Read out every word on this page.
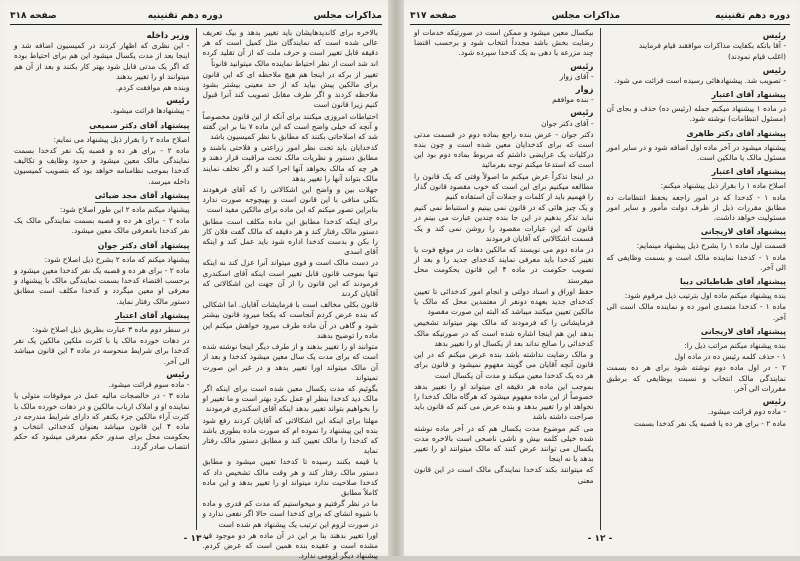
مذاکرات مجلس
دوره دهم تقنینیه
صفحه ۳۱۸

بالاخره برای کاندیدهایشان باید تغییر بدهد و بیک تعریف عالی شده است که نمایندگان مثل کمیل است که هر دقیقه قابل تغییر است و حرف ملت که از آن تقلید کرده اند شد است از نظر احتیاط نماینده مالک میتوانید قانوناً

تغییر از برکه در اینجا هم هیچ ملاحظه ای که این قانون برای مالکین پیش بیاید که از حد معینی بیشتر بشود ملاحظه کردند و اگر طرف مقابل تصویب کند آنرا قبول کنیم زیرا قانون است

احتیاطات امروزی میکنند برای آنکه از این قانون مخصوصاً و آنچه که خیلی واضح است که این ماده ۷ بنا بر این گفته شد که اصلاحاتی بکنند که مطابق با نظر کمیسیون باشد

کدخدایان باید تحت نظر امور زراعتی و فلاحتی باشند و مطابق دستور و نظریات مالک تحت مراقبت قرار دهند و هر چه که مالک بخواهد آنها اجرا کنند و اگر تخلف نمایند مالک بتواند آنها را تغییر بدهد

جهلات بین و واضح این اشکالاتی را که آقای فرهودند بکلی منافی با این قانون است و بهیچوجه صورت ندارد بنابراین تصور میکنم که این ماده برای مالکین مفید است

برای اینکه کدخدا مطابق این ماده مکلف است مطابق دستور مالک رفتار کند و هر دقیقه که مالک گفت فلان کار را بکن و بدست کدخدا اداره شود باید عمل کند و اینکه آقای اسدی

در دست مالک است و قوی میتواند آنرا عزل کند نه اینکه تنها بموجب قانون قابل تغییر است اینکه آقای اسکندری فرمودند که این قانون را از آن جهت این اشکالاتی که آقایان کردند

قانون بکلی مخالف است با فرمایشات آقایان. اما اشکالی که بنده عرض کردم آنجاست که یکجا میرود قانون بیشتر شود و گاهی در آن ماده طرف میرود خواهش میکنم این ماده را توضیح بدهند

متوانند او را تغییر بدهند و از طرف دیگر اینجا نوشته شده است که برای مدت یک سال معین میشود کدخدا و بعد از آن مالک میتواند اورا تغییر بدهد و در غیر این صورت نمیتواند

بگوئیم که مدت یکسال معین شده است برای اینکه اگر مالک دید کدخدا بنظر او عمل نکرد بهتر است و ما تغییر او را بخواهیم بتواند تغییر بدهد اینکه آقای اسکندری فرمودند

مهلتا برای اینکه این اشکالاتی که آقایان کردند رفع شود بنده این پیشنهاد را نموده ام که صورت ماده بطوری باشد که کدخدا را مالک تعیین کند و مطابق دستور مالک رفتار نماید

با قیمه بکنند رسیده تا کدخدا تعیین میشود و مطابق دستور مالک رفتار کند و هر وقت مالک تشخیص داد که کدخدا صلاحیت ندارد میتواند او را تغییر بدهد و این ماده کاملاً مطابق

ما در نظر گرفتیم و میخواستیم که مدت کم قدری و ماده با شیوه انشای که برای کدخدا است حالا اگر نفعی ندارد و در صورت لزوم این ترتیب یک پیشنهاد هم شده است

اورا تغییر بدهند بنا بر این در آن ماده هر دو موجود قید مشده است و عقیده بنده همین است که عرض کردم. پیشنهاد دیگر لزومی ندارد.

وزیر داخله

- این نظری که اظهار کردند در کمیسیون اضافه شد و اینجا بعد از مدت یکسال میشود این هم برای احتیاط بوده که اگر یک مدتی قابل شود بهتر کار بکنند و بعد از آن هم میتوانند او را تغییر بدهند

وبنده هم موافقت کردم.

رئیس

- پیشنهادها قرائت میشود.

پیشنهاد آقای دکتر سمیعی

اصلاح ماده ۲ را بقرار ذیل پیشنهاد می نمایم:

ماده ۲ - برای هر ده و قصبه یک نفر کدخدا بسمت نمایندگی مالک معین میشود و حدود وظایف و تکالیف کدخدا بموجب نظامنامه خواهد بود که بتصویب کمیسیون داخله میرسد.

پیشنهاد آقای مجد ضیائی

پیشنهاد میکنم ماده ۲ این طور اصلاح شود:

ماده ۲ - برای هر ده و قصبه بسمت نمایندگی مالک یک نفر کدخدا بامعرفی مالک معین میشود.

پیشنهاد آقای دکتر جوان

پیشنهاد میکنم که ماده ۲ بشرح ذیل اصلاح شود:

ماده ۲ - برای هر ده و قصبه یک نفر کدخدا معین میشود و برحسب اقتضاء کدخدا بسمت نمایندگی مالک با پیشنهاد و معرفی او معین میگردد و کدخدا مکلف است مطابق دستور مالک رفتار نماید.

پیشنهاد آقای اعتبار

در سطر دوم ماده ۳ عبارت بطریق ذیل اصلاح شود:

در دهات خورده مالک یا با کثرت ملکین مالکین یک نفر کدخدا برای شرایط منحوسه در ماده ۴ این قانون میباشد الی آخر.

رئیس

- ماده سوم قرائت میشود.

ماده ۳ - در خالصجات مالیه عمل در موقوفات متولی یا نماینده او و املاک ارباب مالکین و در دهات خورده مالک با کثرت آراء مالکین جزء یکنفر که دارای شرایط مندرجه در ماده ۴ این قانون میباشد بعنوان کدخدائی انتخاب و بحکومت محل برای صدور حکم معرفی میشود که حکم انتصاب صادر گردد.

- ۱۳ -
دوره دهم تقنینیه
مذاکرات مجلس
صفحه ۳۱۷

رئیس

- آقا بانکه بکفایت مذاکرات موافقند قیام فرمایند

(اغلب قیام نمودند)

رئیس

- تصویب شد. پیشنهادهائی رسیده است قرائت می شود.

پیشنهاد آقای اعتبار

در ماده ۱ پیشنهاد میکنم جمله (رئیس ده) حذف و بجای آن (مسئول انتظامات) نوشته شود.

پیشنهاد آقای دکتر طاهری

پیشنهاد میشود در آخر ماده اول اضافه شود و در سایر امور مسئول مالک یا مالکین است.

پیشنهاد آقای اعتبار

اصلاح ماده ۱ را بقرار ذیل پیشنهاد میکنم:

ماده ۱ - کدخدا که در امور راجعه بحفظ انتظامات ده مطابق مقررات ذیل از ظرف دولت مأمور و سایر امور مسئولیت خواهد داشت.

پیشنهاد آقای لاریجانی

قسمت اول ماده ۱ را بشرح ذیل پیشنهاد مینمایم:

ماده ۱ - کدخدا نماینده مالک است و بسمت وظایفی که الی آخر.

پیشنهاد آقای طباطبائی دیبا

بنده پیشنهاد میکنم ماده اول بترتیب ذیل مرقوم شود:

ماده ۱ - کدخدا متصدی امور ده و نماینده مالک است الی آخر.

پیشنهاد آقای لاریجانی

بنده پیشنهاد میکنم مراتب ذیل را:

۱ - حذف کلمه رئیس ده در ماده اول

۲ - در اول ماده دوم نوشته شود برای هر ده بسمت نمایندگی مالک انتخاب و نسبت بوظایفی که برطبق مقررات الی آخر.

رئیس

- ماده دوم قرائت میشود.

ماده ۲ - برای هر ده یا قصبه یک نفر کدخدا بسمت

بیکسال معین میشود و ممکن است در صورتیکه خدمات او رضایت بخش باشد مجدداً انتخاب شود و برحسب اقتضا چند مزرعه یا دهی به یک کدخدا سپرده شود.

رئیس

- آقای زوار

زوار

- بنده موافقم

رئیس

- آقای دکتر جوان

دکتر جوان - عرض بنده راجع بماده دوم در قسمت مدتی است که برای کدخدایان معین شده است و چون بنده درکلیات یک عرایضی داشتم که مربوط بماده دوم بود این است که استدعا میکنم توجه بفرمائید

در اینجا تذکراً عرض میکنم ما اصولاً وقتی که یک قانون را مطالعه میکنیم برای این است که خوب مقصود قانون گذار را فهمیم باید از کلمات و جملات آن استفاده کنیم

و یک چیز هائی که در قانون نمی بینیم و استنباط نمی کنیم نباید تذکر بدهیم در این جا بنده چندین عبارت می بینم در قانون که این عبارات مقصود را روشن نمی کند و یک قسمت اشکالاتی که آقایان فرمودند

در ماده دوم می نویسند که مالکین دهات در موقع فوت یا تغییر کدخدا باید معرفی نمایند کدخدای جدید را و بعد از تصویب حکومت در ماده ۴ این قانون بحکومت محل میفرستد

حفظ اوراق و اسناد دولتی و انجام امور کدخدائی تا تعیین کدخدای جدید بعهده دونفر از معتمدین محل که مالک یا مالکین تعیین میکنند میباشد که البته این صورت مقصود

فرمایشاتی را که فرمودند که مالک بهتر میتواند تشخیص بدهد این هم اینجا اشاره شده است که در صورتیکه مالک کدخدائی را صالح نداند بعد از یکسال او را تغییر بدهد

و مالک رضایت نداشته باشد بنده عرض میکنم که در این قانون آنچه آقایان می گویند مفهوم نمیشود و قانون برای هر ده یک کدخدا معین میکند و مدت آن یکسال است

بموجب این ماده هر دقیقه ای میتواند او را تغییر بدهد خصوصاً از این ماده مفهوم میشود که هرگاه مالک کدخدا را نخواهد او را تغییر بدهد و بنده عرض می کنم که قانون باید صراحت داشته باشد

می کنم موضوع مدت یکسال هم که در آخر ماده نوشته شده خیلی کلمه بیش و ناشی ناصحی است بالاخره مدت یکسال می توانند عرض کنند که مالک میتوانند او را تغییر بدهد یا نه اینجا

که میتوانند بکند کدخدا نمایندگی مالک است در این قانون معنی

- ۱۲ -
